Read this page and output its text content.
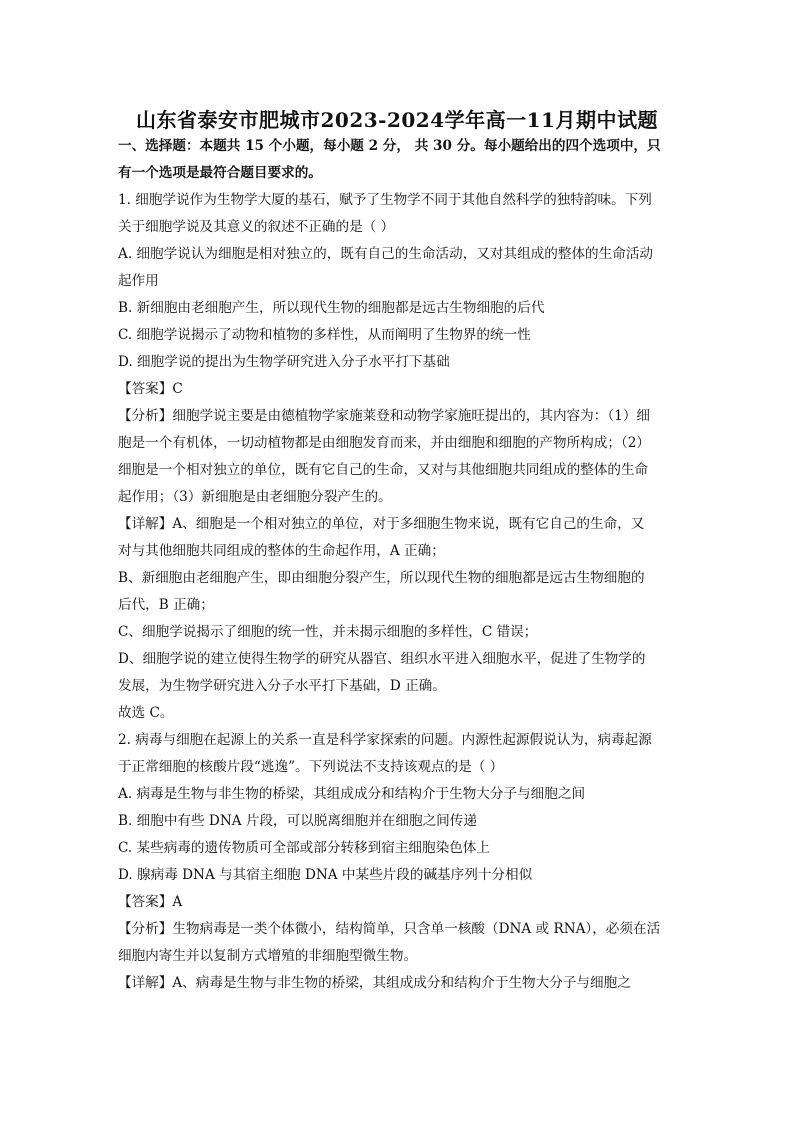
山东省泰安市肥城市2023-2024学年高一11月期中试题
一、选择题：本题共 15 个小题，每小题 2 分， 共 30 分。每小题给出的四个选项中，只
有一个选项是最符合题目要求的。
1. 细胞学说作为生物学大厦的基石，赋予了生物学不同于其他自然科学的独特韵味。下列
关于细胞学说及其意义的叙述不正确的是（ ）
A. 细胞学说认为细胞是相对独立的，既有自己的生命活动，又对其组成的整体的生命活动
起作用
B. 新细胞由老细胞产生，所以现代生物的细胞都是远古生物细胞的后代
C. 细胞学说揭示了动物和植物的多样性，从而阐明了生物界的统一性
D. 细胞学说的提出为生物学研究进入分子水平打下基础
【答案】C
【分析】细胞学说主要是由德植物学家施莱登和动物学家施旺提出的，其内容为：（1）细
胞是一个有机体，一切动植物都是由细胞发育而来，并由细胞和细胞的产物所构成；（2）
细胞是一个相对独立的单位，既有它自己的生命，又对与其他细胞共同组成的整体的生命
起作用；（3）新细胞是由老细胞分裂产生的。
【详解】A、细胞是一个相对独立的单位，对于多细胞生物来说，既有它自己的生命，又
对与其他细胞共同组成的整体的生命起作用，A 正确；
B、新细胞由老细胞产生，即由细胞分裂产生，所以现代生物的细胞都是远古生物细胞的
后代，B 正确；
C、细胞学说揭示了细胞的统一性，并未揭示细胞的多样性，C 错误；
D、细胞学说的建立使得生物学的研究从器官、组织水平进入细胞水平，促进了生物学的
发展，为生物学研究进入分子水平打下基础，D 正确。
故选 C。
2. 病毒与细胞在起源上的关系一直是科学家探索的问题。内源性起源假说认为，病毒起源
于正常细胞的核酸片段“逃逸”。下列说法不支持该观点的是（ ）
A. 病毒是生物与非生物的桥梁，其组成成分和结构介于生物大分子与细胞之间
B. 细胞中有些 DNA 片段，可以脱离细胞并在细胞之间传递
C. 某些病毒的遗传物质可全部或部分转移到宿主细胞染色体上
D. 腺病毒 DNA 与其宿主细胞 DNA 中某些片段的碱基序列十分相似
【答案】A
【分析】生物病毒是一类个体微小，结构简单，只含单一核酸（DNA 或 RNA），必须在活
细胞内寄生并以复制方式增殖的非细胞型微生物。
【详解】A、病毒是生物与非生物的桥梁，其组成成分和结构介于生物大分子与细胞之
